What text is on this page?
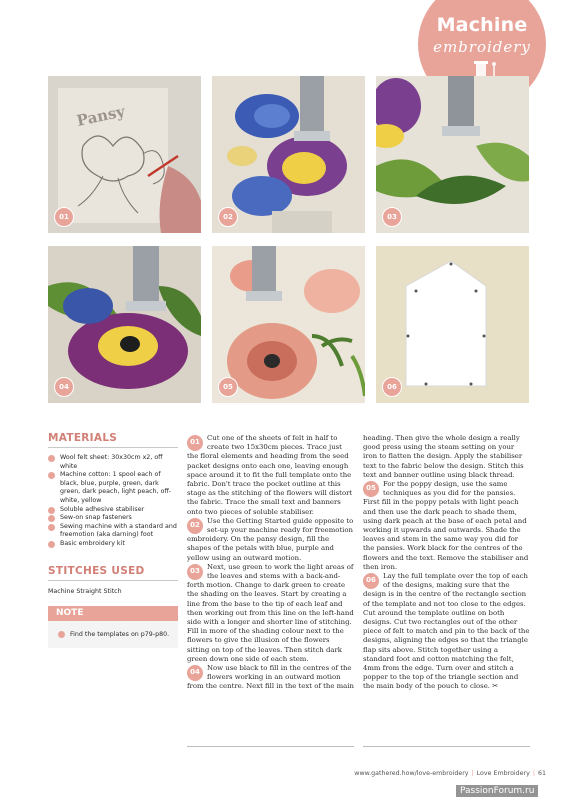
Machine
embroidery
Pansy
01	02	03
04	05	06
MATERIALS
Wool felt sheet: 30x30cm x2, off white
Machine cotton: 1 spool each of black, blue, purple, green, dark green, dark peach, light peach, off-white, yellow
Soluble adhesive stabiliser
Sew-on snap fasteners
Sewing machine with a standard and freemotion (aka darning) foot
Basic embroidery kit
STITCHES USED
Machine Straight Stitch
NOTE
Find the templates on p79-p80.

01
Cut one of the sheets of felt in half to create two 15x30cm pieces. Trace just the floral elements and heading from the seed packet designs onto each one, leaving enough space around it to fit the full template onto the fabric. Don't trace the pocket outline at this stage as the stitching of the flowers will distort the fabric. Trace the small text and banners onto two pieces of soluble stabiliser.

02
Use the Getting Started guide opposite to set-up your machine ready for freemotion embroidery. On the pansy design, fill the shapes of the petals with blue, purple and yellow using an outward motion.

03
Next, use green to work the light areas of the leaves and stems with a back-and-forth motion. Change to dark green to create the shading on the leaves. Start by creating a line from the base to the tip of each leaf and then working out from this line on the left-hand side with a longer and shorter line of stitching. Fill in more of the shading colour next to the flowers to give the illusion of the flowers sitting on top of the leaves. Then stitch dark green down one side of each stem.

04
Now use black to fill in the centres of the flowers working in an outward motion from the centre. Next fill in the text of the main

heading. Then give the whole design a really good press using the steam setting on your iron to flatten the design. Apply the stabiliser text to the fabric below the design. Stitch this text and banner outline using black thread.

05
For the poppy design, use the same techniques as you did for the pansies. First fill in the poppy petals with light peach and then use the dark peach to shade them, using dark peach at the base of each petal and working it upwards and outwards. Shade the leaves and stem in the same way you did for the pansies. Work black for the centres of the flowers and the text. Remove the stabiliser and then iron.

06
Lay the full template over the top of each of the designs, making sure that the design is in the centre of the rectangle section of the template and not too close to the edges. Cut around the template outline on both designs. Cut two rectangles out of the other piece of felt to match and pin to the back of the designs, aligning the edges so that the triangle flap sits above. Stitch together using a standard foot and cotton matching the felt, 4mm from the edge. Turn over and stitch a popper to the top of the triangle section and the main body of the pouch to close. ✂

www.gathered.how/love-embroidery | Love Embroidery | 61
PassionForum.ru
